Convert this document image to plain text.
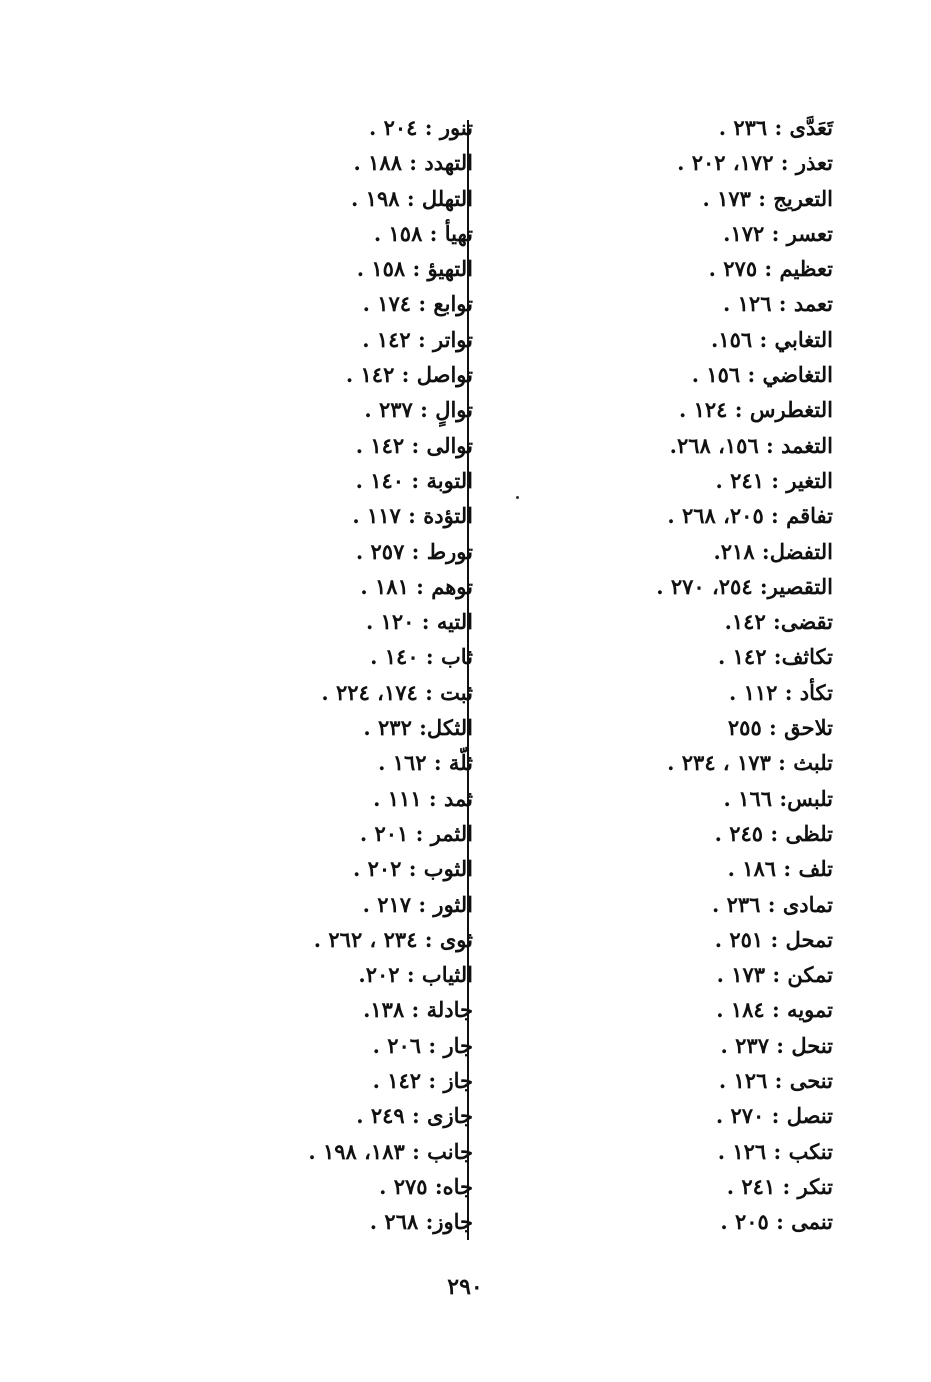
تَعَدَّى : ٢٣٦ .
تعذر : ١٧٢، ٢٠٢ .
التعريج : ١٧٣ .
تعسر : ١٧٢.
تعظيم : ٢٧٥ .
تعمد : ١٢٦ .
التغابي : ١٥٦.
التغاضي : ١٥٦ .
التغطرس : ١٢٤ .
التغمد : ١٥٦، ٢٦٨.
التغير : ٢٤١ .
تفاقم : ٢٠٥، ٢٦٨ .
التفضل: ٢١٨.
التقصير: ٢٥٤، ٢٧٠ .
تقضى: ١٤٢.
تكاثف: ١٤٢ .
تكأد : ١١٢ .
تلاحق : ٢٥٥
تلبث : ١٧٣ ، ٢٣٤ .
تلبس: ١٦٦ .
تلظى : ٢٤٥ .
تلف : ١٨٦ .
تمادى : ٢٣٦ .
تمحل : ٢٥١ .
تمكن : ١٧٣ .
تمويه : ١٨٤ .
تنحل : ٢٣٧ .
تنحى : ١٢٦ .
تنصل : ٢٧٠ .
تنكب : ١٢٦ .
تنكر : ٢٤١ .
تنمى : ٢٠٥ .
تنور : ٢٠٤ .
التهدد : ١٨٨ .
التهلل : ١٩٨ .
تهيأ : ١٥٨ .
التهيؤ : ١٥٨ .
توابع : ١٧٤ .
تواتر : ١٤٢ .
تواصل : ١٤٢ .
توالٍ : ٢٣٧ .
توالى : ١٤٢ .
التوبة : ١٤٠ .
التؤدة : ١١٧ .
تورط : ٢٥٧ .
توهم : ١٨١ .
التيه : ١٢٠ .
ثاب : ١٤٠ .
ثبت : ١٧٤، ٢٢٤ .
الثكل: ٢٣٢ .
ثلّة : ١٦٢ .
ثمد : ١١١ .
الثمر : ٢٠١ .
الثوب : ٢٠٢ .
الثور : ٢١٧ .
ثوى : ٢٣٤ ، ٢٦٢ .
الثياب : ٢٠٢.
جادلة : ١٣٨.
جار : ٢٠٦ .
جاز : ١٤٢ .
جازى : ٢٤٩ .
جانب : ١٨٣، ١٩٨ .
جاه: ٢٧٥ .
جاوز: ٢٦٨ .
٢٩٠
